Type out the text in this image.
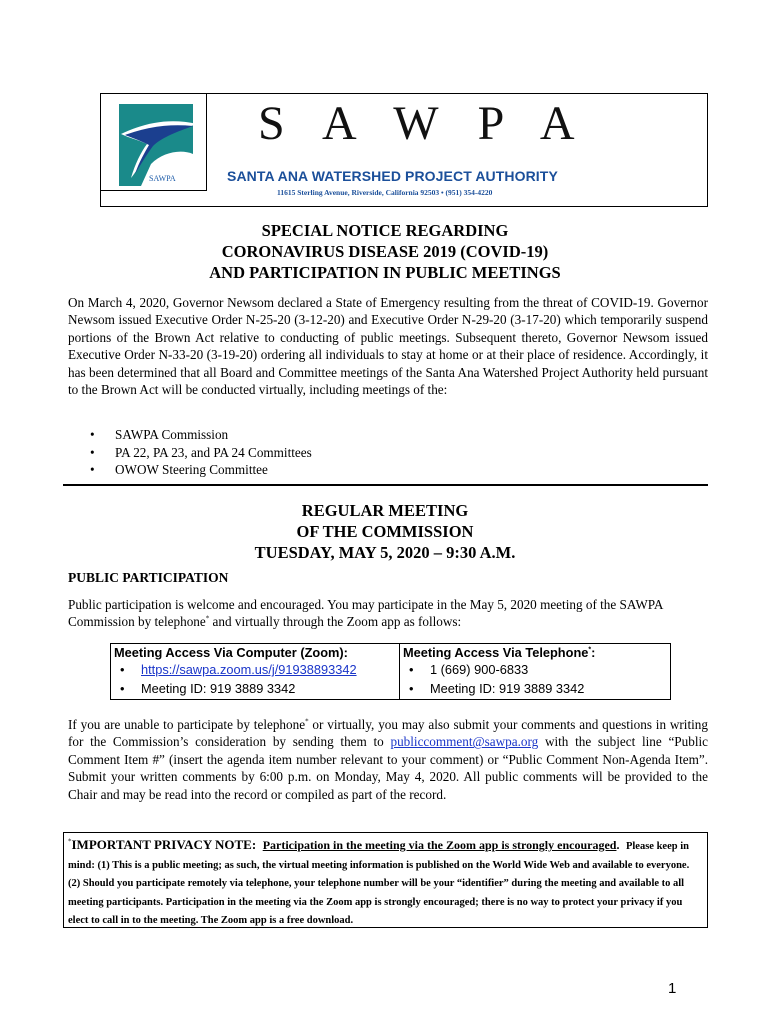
SAWPA
S A W P A
SANTA ANA WATERSHED PROJECT AUTHORITY
11615 Sterling Avenue, Riverside, California 92503 • (951) 354-4220
SPECIAL NOTICE REGARDING
CORONAVIRUS DISEASE 2019 (COVID-19)
AND PARTICIPATION IN PUBLIC MEETINGS
On March 4, 2020, Governor Newsom declared a State of Emergency resulting from the threat of COVID-19. Governor Newsom issued Executive Order N-25-20 (3-12-20) and Executive Order N-29-20 (3-17-20) which temporarily suspend portions of the Brown Act relative to conducting of public meetings. Subsequent thereto, Governor Newsom issued Executive Order N-33-20 (3-19-20) ordering all individuals to stay at home or at their place of residence. Accordingly, it has been determined that all Board and Committee meetings of the Santa Ana Watershed Project Authority held pursuant to the Brown Act will be conducted virtually, including meetings of the:
• SAWPA Commission
• PA 22, PA 23, and PA 24 Committees
• OWOW Steering Committee
REGULAR MEETING
OF THE COMMISSION
TUESDAY, MAY 5, 2020 – 9:30 A.M.
PUBLIC PARTICIPATION
Public participation is welcome and encouraged. You may participate in the May 5, 2020 meeting of the SAWPA Commission by telephone* and virtually through the Zoom app as follows:
Meeting Access Via Computer (Zoom):
• https://sawpa.zoom.us/j/91938893342
• Meeting ID: 919 3889 3342

Meeting Access Via Telephone*:
• 1 (669) 900-6833
• Meeting ID: 919 3889 3342
If you are unable to participate by telephone* or virtually, you may also submit your comments and questions in writing for the Commission’s consideration by sending them to publiccomment@sawpa.org with the subject line “Public Comment Item #” (insert the agenda item number relevant to your comment) or “Public Comment Non-Agenda Item”. Submit your written comments by 6:00 p.m. on Monday, May 4, 2020. All public comments will be provided to the Chair and may be read into the record or compiled as part of the record.
*IMPORTANT PRIVACY NOTE: Participation in the meeting via the Zoom app is strongly encouraged. Please keep in mind: (1) This is a public meeting; as such, the virtual meeting information is published on the World Wide Web and available to everyone. (2) Should you participate remotely via telephone, your telephone number will be your “identifier” during the meeting and available to all meeting participants. Participation in the meeting via the Zoom app is strongly encouraged; there is no way to protect your privacy if you elect to call in to the meeting. The Zoom app is a free download.
1
